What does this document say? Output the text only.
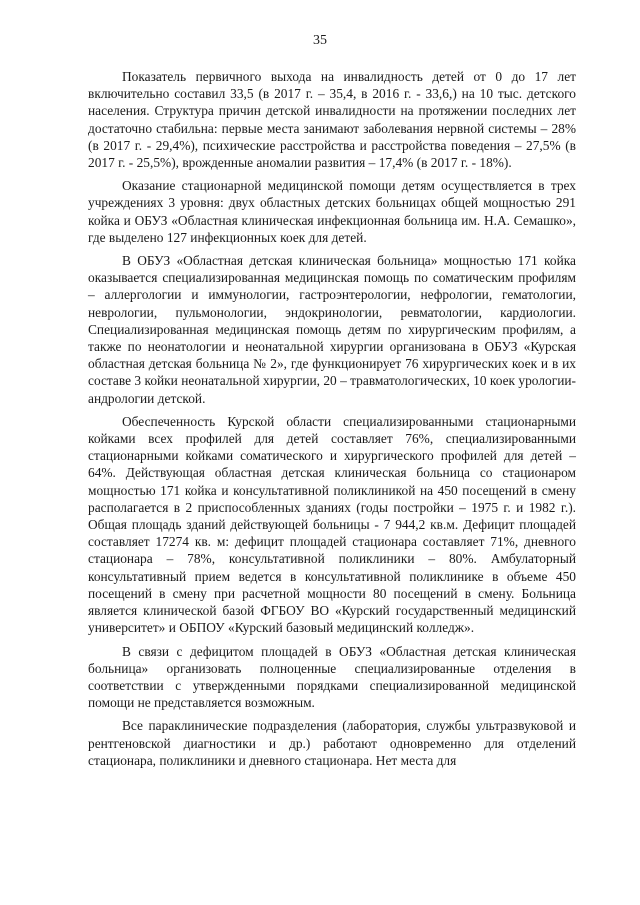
35

Показатель первичного выхода на инвалидность детей от 0 до 17 лет включительно составил 33,5 (в 2017 г. – 35,4, в 2016 г. - 33,6,) на 10 тыс. детского населения. Структура причин детской инвалидности на протяжении последних лет достаточно стабильна: первые места занимают заболевания нервной системы – 28% (в 2017 г. - 29,4%), психические расстройства и расстройства поведения – 27,5% (в 2017 г. - 25,5%), врожденные аномалии развития – 17,4% (в 2017 г. - 18%).

Оказание стационарной медицинской помощи детям осуществляется в трех учреждениях 3 уровня: двух областных детских больницах общей мощностью 291 койка и ОБУЗ «Областная клиническая инфекционная больница им. Н.А. Семашко», где выделено 127 инфекционных коек для детей.

В ОБУЗ «Областная детская клиническая больница» мощностью 171 койка оказывается специализированная медицинская помощь по соматическим профилям – аллергологии и иммунологии, гастроэнтерологии, нефрологии, гематологии, неврологии, пульмонологии, эндокринологии, ревматологии, кардиологии. Специализированная медицинская помощь детям по хирургическим профилям, а также по неонатологии и неонатальной хирургии организована в ОБУЗ «Курская областная детская больница № 2», где функционирует 76 хирургических коек и в их составе 3 койки неонатальной хирургии, 20 – травматологических, 10 коек урологии-андрологии детской.

Обеспеченность Курской области специализированными стационарными койками всех профилей для детей составляет 76%, специализированными стационарными койками соматического и хирургического профилей для детей – 64%. Действующая областная детская клиническая больница со стационаром мощностью 171 койка и консультативной поликлиникой на 450 посещений в смену располагается в 2 приспособленных зданиях (годы постройки – 1975 г. и 1982 г.). Общая площадь зданий действующей больницы - 7 944,2 кв.м. Дефицит площадей составляет 17274 кв. м: дефицит площадей стационара составляет 71%, дневного стационара – 78%, консультативной поликлиники – 80%. Амбулаторный консультативный прием ведется в консультативной поликлинике в объеме 450 посещений в смену при расчетной мощности 80 посещений в смену. Больница является клинической базой ФГБОУ ВО «Курский государственный медицинский университет» и ОБПОУ «Курский базовый медицинский колледж».

В связи с дефицитом площадей в ОБУЗ «Областная детская клиническая больница» организовать полноценные специализированные отделения в соответствии с утвержденными порядками специализированной медицинской помощи не представляется возможным.

Все параклинические подразделения (лаборатория, службы ультразвуковой и рентгеновской диагностики и др.) работают одновременно для отделений стационара, поликлиники и дневного стационара. Нет места для
